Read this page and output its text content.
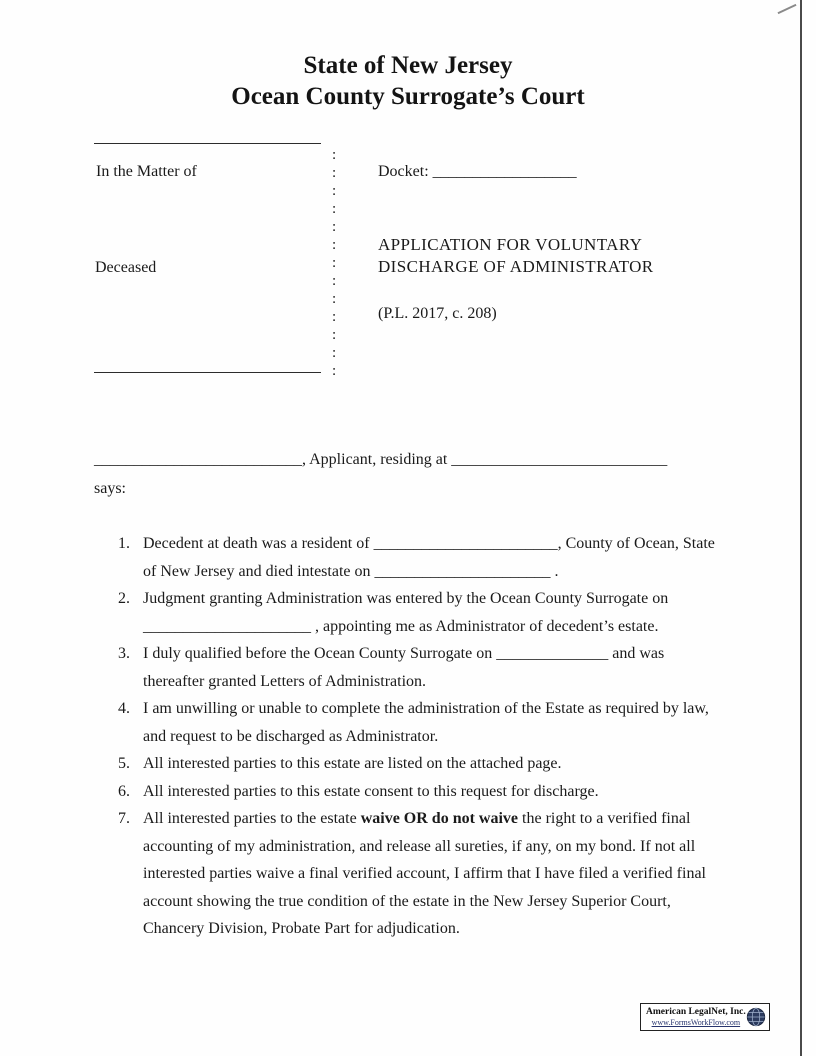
State of New Jersey
Ocean County Surrogate’s Court
In the Matter of
Deceased
:
:
:
:
:
:
:
:
:
:
:
:
:
Docket: __________________
APPLICATION FOR VOLUNTARY
DISCHARGE OF ADMINISTRATOR
(P.L. 2017, c. 208)
__________________________, Applicant, residing at ___________________________
says:
1. Decedent at death was a resident of _______________________, County of Ocean, State of New Jersey and died intestate on ______________________ .
2. Judgment granting Administration was entered by the Ocean County Surrogate on _____________________ , appointing me as Administrator of decedent’s estate.
3. I duly qualified before the Ocean County Surrogate on ______________ and was thereafter granted Letters of Administration.
4. I am unwilling or unable to complete the administration of the Estate as required by law, and request to be discharged as Administrator.
5. All interested parties to this estate are listed on the attached page.
6. All interested parties to this estate consent to this request for discharge.
7. All interested parties to the estate waive OR do not waive the right to a verified final accounting of my administration, and release all sureties, if any, on my bond. If not all interested parties waive a final verified account, I affirm that I have filed a verified final account showing the true condition of the estate in the New Jersey Superior Court, Chancery Division, Probate Part for adjudication.
American LegalNet, Inc.
www.FormsWorkFlow.com
